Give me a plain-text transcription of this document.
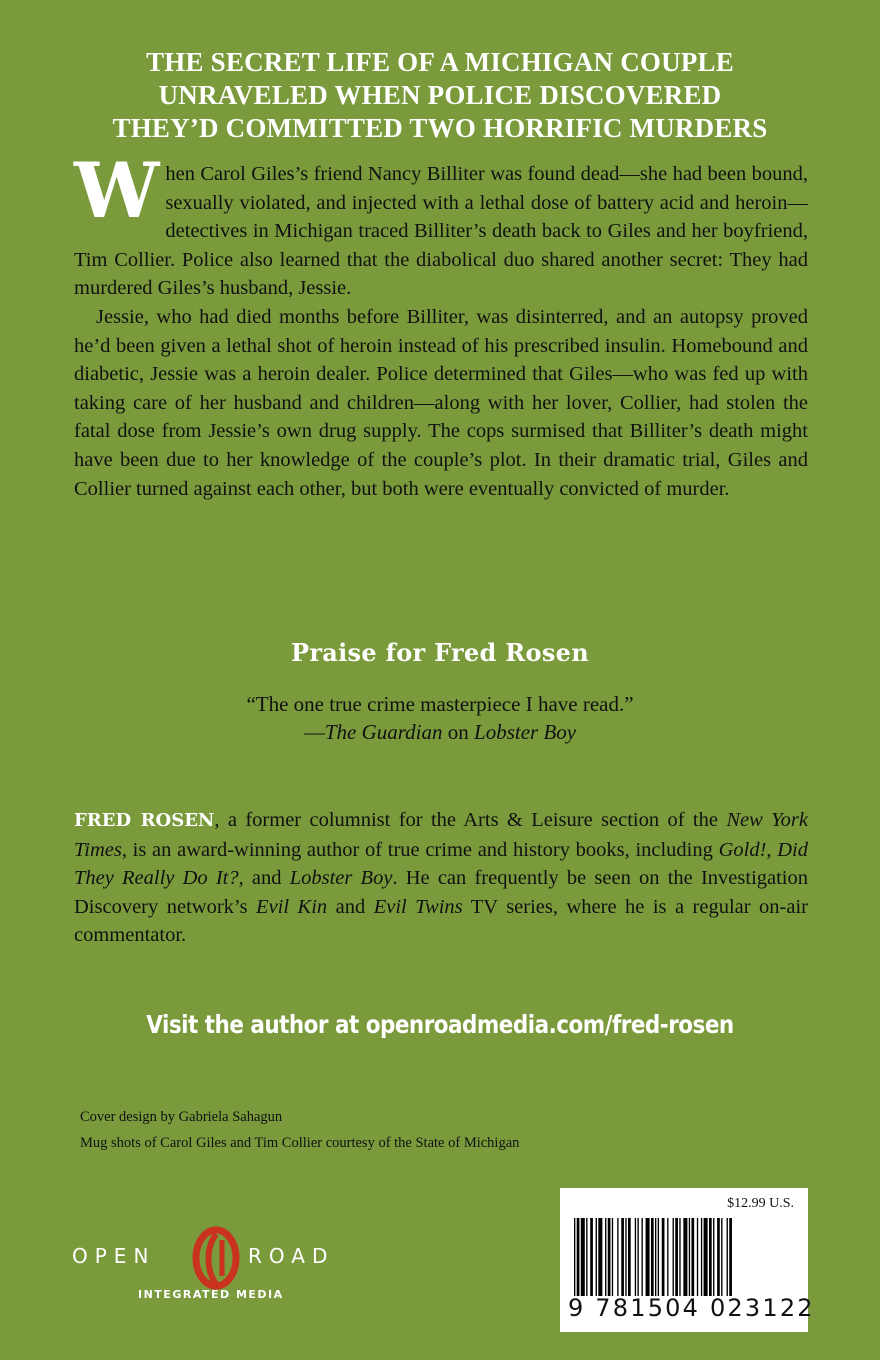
THE SECRET LIFE OF A MICHIGAN COUPLE
UNRAVELED WHEN POLICE DISCOVERED
THEY’D COMMITTED TWO HORRIFIC MURDERS

When Carol Giles’s friend Nancy Billiter was found dead—she had been bound, sexually violated, and injected with a lethal dose of battery acid and heroin—detectives in Michigan traced Billiter’s death back to Giles and her boyfriend, Tim Collier. Police also learned that the diabolical duo shared another secret: They had murdered Giles’s husband, Jessie.

Jessie, who had died months before Billiter, was disinterred, and an autopsy proved he’d been given a lethal shot of heroin instead of his prescribed insulin. Homebound and diabetic, Jessie was a heroin dealer. Police determined that Giles—who was fed up with taking care of her husband and children—along with her lover, Collier, had stolen the fatal dose from Jessie’s own drug supply. The cops surmised that Billiter’s death might have been due to her knowledge of the couple’s plot. In their dramatic trial, Giles and Collier turned against each other, but both were eventually convicted of murder.

Praise for Fred Rosen
“The one true crime masterpiece I have read.”
—The Guardian on Lobster Boy
FRED ROSEN, a former columnist for the Arts & Leisure section of the New York Times, is an award-winning author of true crime and history books, including Gold!, Did They Really Do It?, and Lobster Boy. He can frequently be seen on the Investigation Discovery network’s Evil Kin and Evil Twins TV series, where he is a regular on-air commentator.
Visit the author at openroadmedia.com/fred-rosen
Cover design by Gabriela Sahagun
Mug shots of Carol Giles and Tim Collier courtesy of the State of Michigan
OPEN	ROAD
INTEGRATED MEDIA
$12.99 U.S.
9 781504 023122
